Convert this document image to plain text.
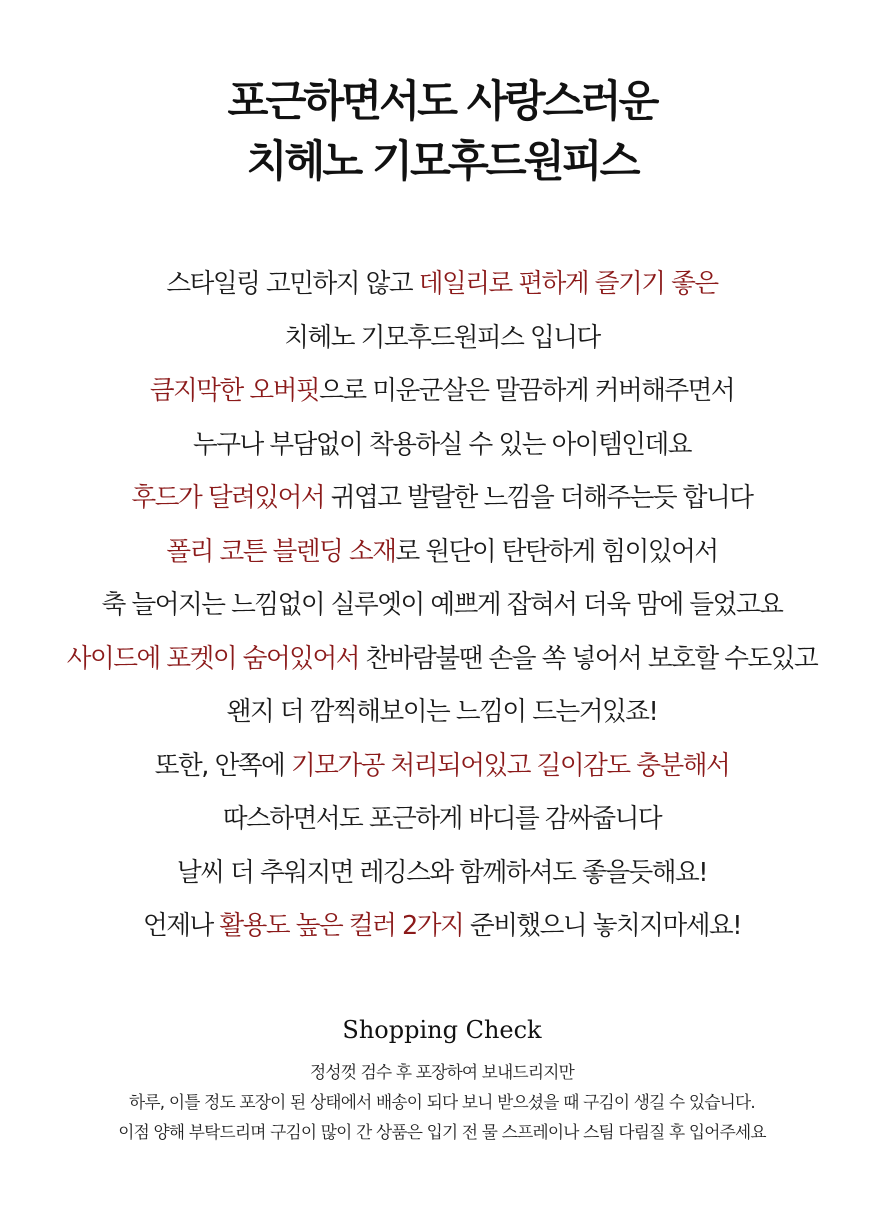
포근하면서도 사랑스러운
치헤노 기모후드원피스
스타일링 고민하지 않고 데일리로 편하게 즐기기 좋은
치헤노 기모후드원피스 입니다
큼지막한 오버핏으로 미운군살은 말끔하게 커버해주면서
누구나 부담없이 착용하실 수 있는 아이템인데요
후드가 달려있어서 귀엽고 발랄한 느낌을 더해주는듯 합니다
폴리 코튼 블렌딩 소재로 원단이 탄탄하게 힘이있어서
축 늘어지는 느낌없이 실루엣이 예쁘게 잡혀서 더욱 맘에 들었고요
사이드에 포켓이 숨어있어서 찬바람불땐 손을 쏙 넣어서 보호할 수도있고
왠지 더 깜찍해보이는 느낌이 드는거있죠!
또한, 안쪽에 기모가공 처리되어있고 길이감도 충분해서
따스하면서도 포근하게 바디를 감싸줍니다
날씨 더 추워지면 레깅스와 함께하셔도 좋을듯해요!
언제나 활용도 높은 컬러 2가지 준비했으니 놓치지마세요!
Shopping Check
정성껏 검수 후 포장하여 보내드리지만
하루, 이틀 정도 포장이 된 상태에서 배송이 되다 보니 받으셨을 때 구김이 생길 수 있습니다.
이점 양해 부탁드리며 구김이 많이 간 상품은 입기 전 물 스프레이나 스팀 다림질 후 입어주세요
